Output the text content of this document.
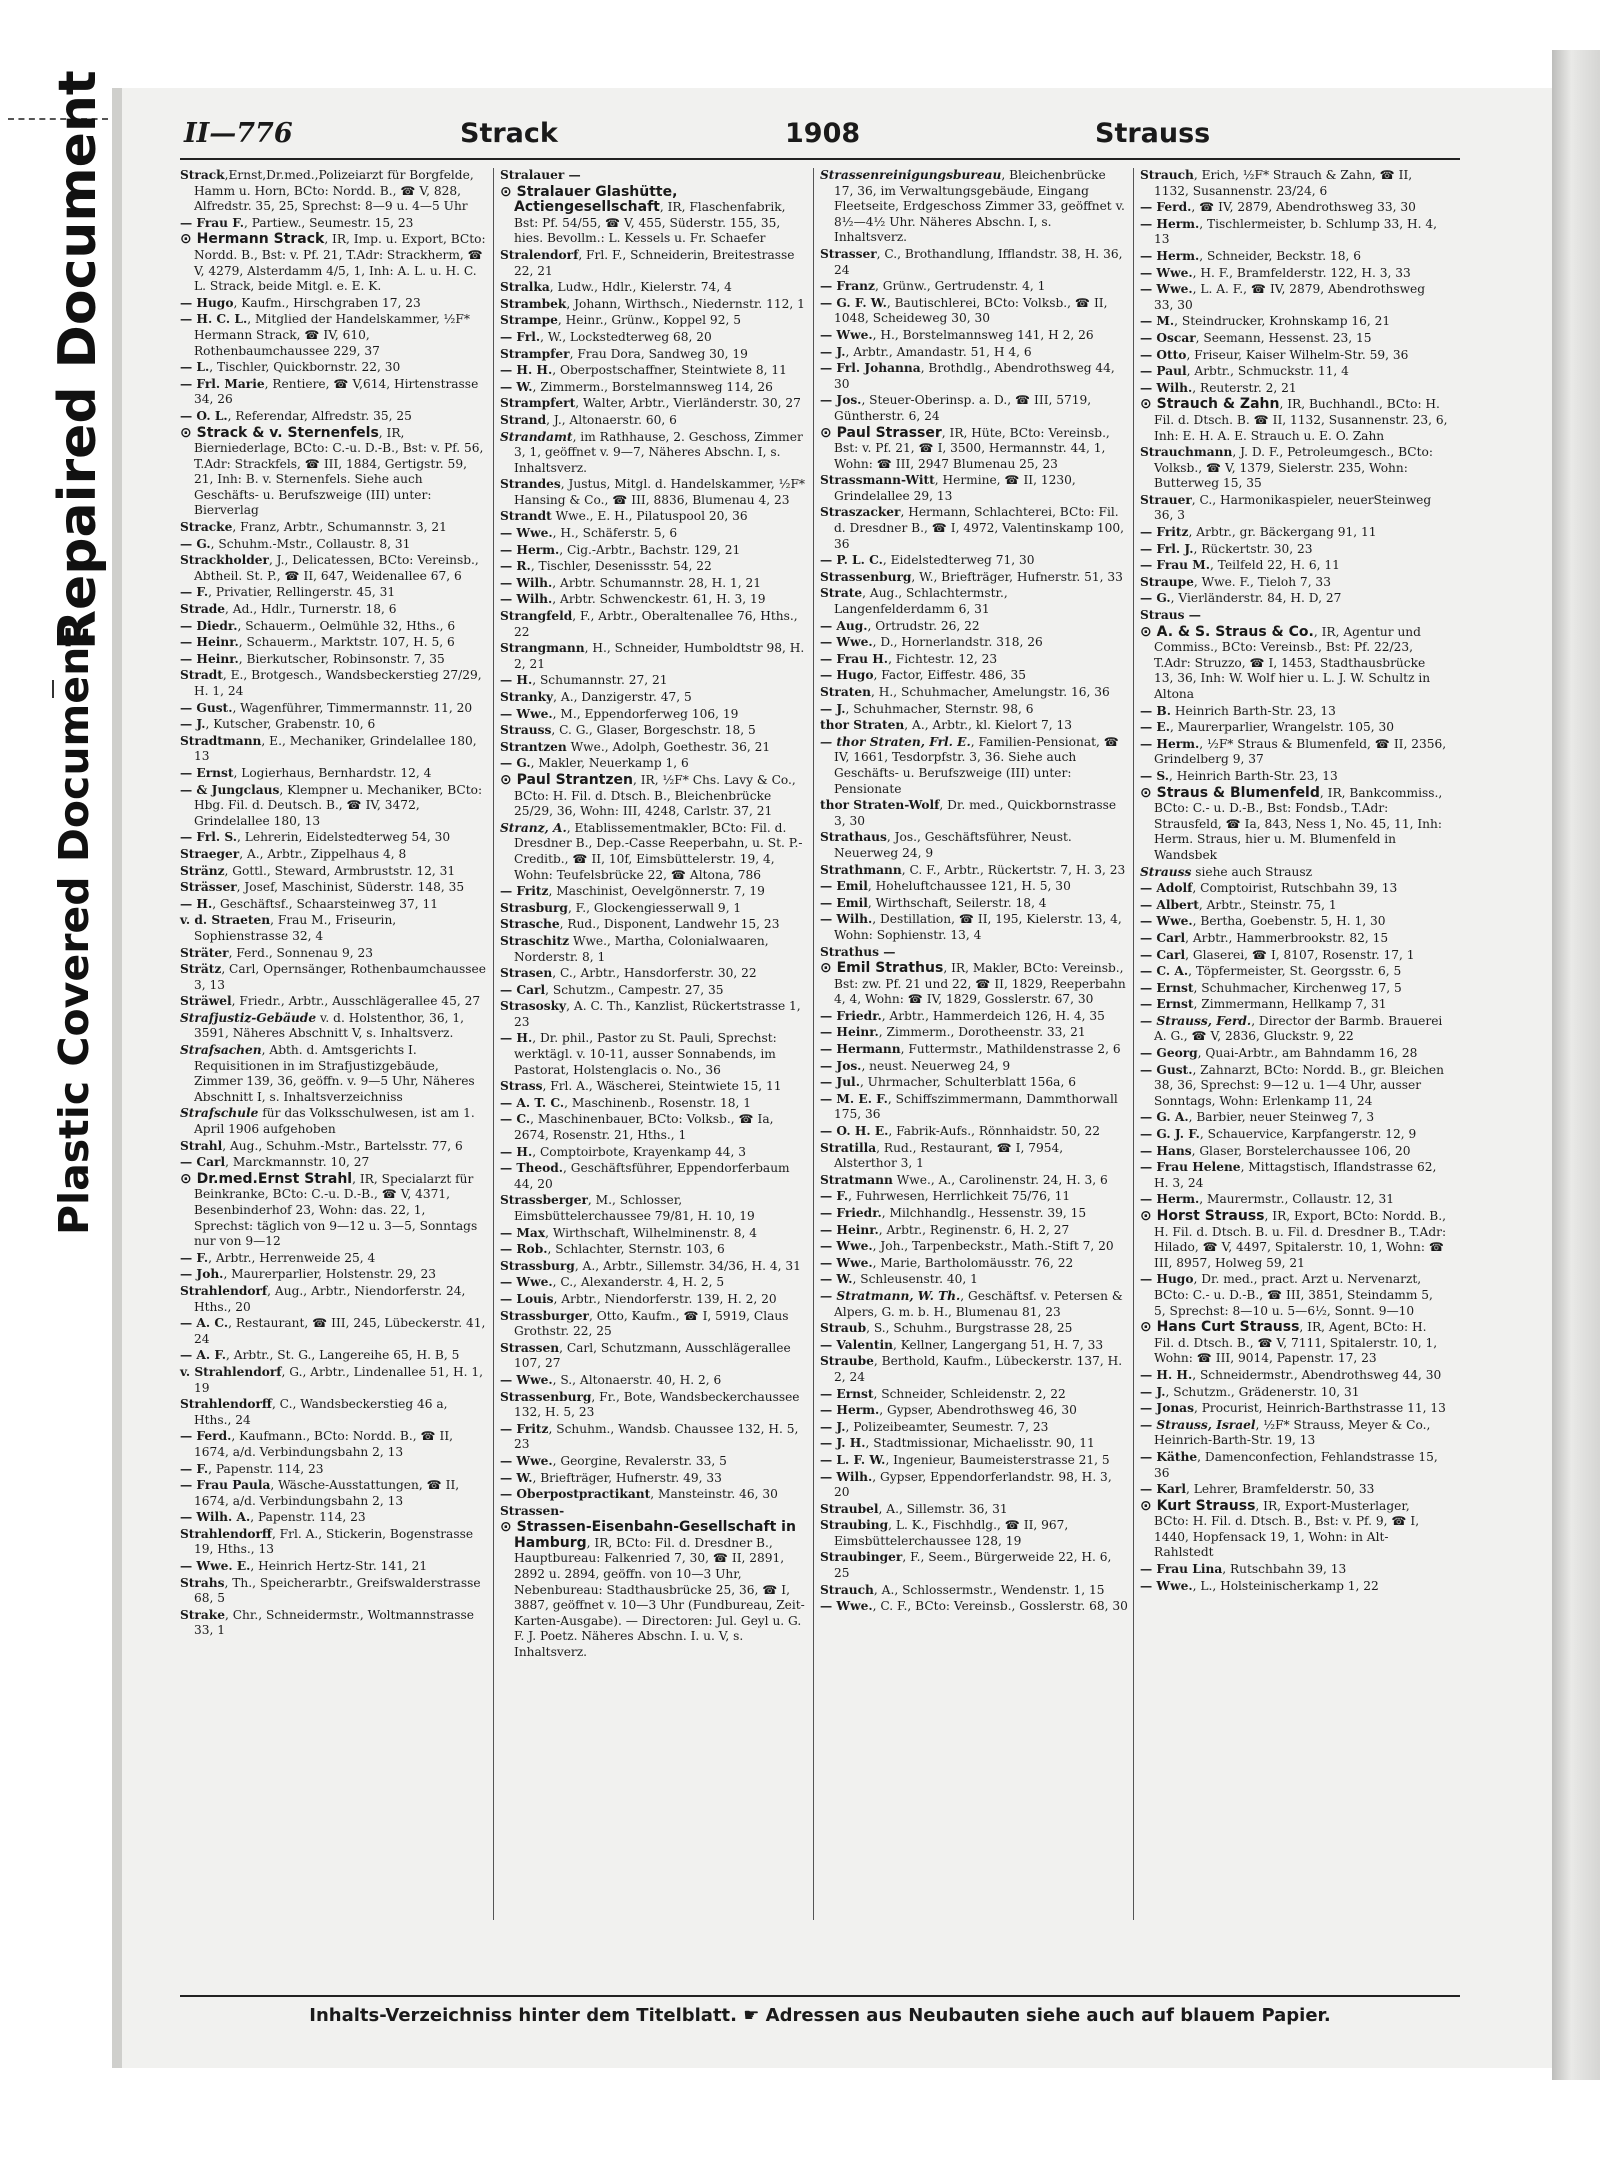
Plastic Covered Document
Repaired Document	II—776	Strack	1908	Strauss
Strack,Ernst,Dr.med.,Polizeiarzt für Borgfelde, Hamm u. Horn, BCto: Nordd. B., ☎ V, 828, Alfredstr. 35, 25, Sprechst: 8—9 u. 4—5 Uhr
— Frau F., Partiew., Seumestr. 15, 23
⊙ Hermann Strack, IR, Imp. u. Export, BCto: Nordd. B., Bst: v. Pf. 21, T.Adr: Strackherm, ☎ V, 4279, Alsterdamm 4/5, 1, Inh: A. L. u. H. C. L. Strack, beide Mitgl. e. E. K.
— Hugo, Kaufm., Hirschgraben 17, 23
— H. C. L., Mitglied der Handelskammer, ½F* Hermann Strack, ☎ IV, 610, Rothenbaumchaussee 229, 37
— L., Tischler, Quickbornstr. 22, 30
— Frl. Marie, Rentiere, ☎ V,614, Hirtenstrasse 34, 26
— O. L., Referendar, Alfredstr. 35, 25
⊙ Strack & v. Sternenfels, IR, Bierniederlage, BCto: C.-u. D.-B., Bst: v. Pf. 56, T.Adr: Strackfels, ☎ III, 1884, Gertigstr. 59, 21, Inh: B. v. Sternenfels. Siehe auch Geschäfts- u. Berufszweige (III) unter: Bierverlag
Stracke, Franz, Arbtr., Schumannstr. 3, 21
— G., Schuhm.-Mstr., Collaustr. 8, 31
Strackholder, J., Delicatessen, BCto: Vereinsb., Abtheil. St. P., ☎ II, 647, Weidenallee 67, 6
— F., Privatier, Rellingerstr. 45, 31
Strade, Ad., Hdlr., Turnerstr. 18, 6
— Diedr., Schauerm., Oelmühle 32, Hths., 6
— Heinr., Schauerm., Marktstr. 107, H. 5, 6
— Heinr., Bierkutscher, Robinsonstr. 7, 35
Stradt, E., Brotgesch., Wandsbeckerstieg 27/29, H. 1, 24
— Gust., Wagenführer, Timmermannstr. 11, 20
— J., Kutscher, Grabenstr. 10, 6
Stradtmann, E., Mechaniker, Grindelallee 180, 13
— Ernst, Logierhaus, Bernhardstr. 12, 4
— & Jungclaus, Klempner u. Mechaniker, BCto: Hbg. Fil. d. Deutsch. B., ☎ IV, 3472, Grindelallee 180, 13
— Frl. S., Lehrerin, Eidelstedterweg 54, 30
Straeger, A., Arbtr., Zippelhaus 4, 8
Stränz, Gottl., Steward, Armbruststr. 12, 31
Strässer, Josef, Maschinist, Süderstr. 148, 35
— H., Geschäftsf., Schaarsteinweg 37, 11
v. d. Straeten, Frau M., Friseurin, Sophienstrasse 32, 4
Sträter, Ferd., Sonnenau 9, 23
Strätz, Carl, Opernsänger, Rothenbaumchaussee 3, 13
Sträwel, Friedr., Arbtr., Ausschlägerallee 45, 27
Strafjustiz-Gebäude v. d. Holstenthor, 36, 1, 3591, Näheres Abschnitt V, s. Inhaltsverz.
Strafsachen, Abth. d. Amtsgerichts I. Requisitionen in im Strafjustizgebäude, Zimmer 139, 36, geöffn. v. 9—5 Uhr, Näheres Abschnitt I, s. Inhaltsverzeichniss
Strafschule für das Volksschulwesen, ist am 1. April 1906 aufgehoben
Strahl, Aug., Schuhm.-Mstr., Bartelsstr. 77, 6
— Carl, Marckmannstr. 10, 27
⊙ Dr.med.Ernst Strahl, IR, Specialarzt für Beinkranke, BCto: C.-u. D.-B., ☎ V, 4371, Besenbinderhof 23, Wohn: das. 22, 1, Sprechst: täglich von 9—12 u. 3—5, Sonntags nur von 9—12
— F., Arbtr., Herrenweide 25, 4
— Joh., Maurerparlier, Holstenstr. 29, 23
Strahlendorf, Aug., Arbtr., Niendorferstr. 24, Hths., 20
— A. C., Restaurant, ☎ III, 245, Lübeckerstr. 41, 24
— A. F., Arbtr., St. G., Langereihe 65, H. B, 5
v. Strahlendorf, G., Arbtr., Lindenallee 51, H. 1, 19
Strahlendorff, C., Wandsbeckerstieg 46 a, Hths., 24
— Ferd., Kaufmann., BCto: Nordd. B., ☎ II, 1674, a/d. Verbindungsbahn 2, 13
— F., Papenstr. 114, 23
— Frau Paula, Wäsche-Ausstattungen, ☎ II, 1674, a/d. Verbindungsbahn 2, 13
— Wilh. A., Papenstr. 114, 23
Strahlendorff, Frl. A., Stickerin, Bogenstrasse 19, Hths., 13
— Wwe. E., Heinrich Hertz-Str. 141, 21
Strahs, Th., Speicherarbtr., Greifswalderstrasse 68, 5
Strake, Chr., Schneidermstr., Woltmannstrasse 33, 1
Stralauer —
⊙ Stralauer Glashütte, Actiengesellschaft, IR, Flaschenfabrik, Bst: Pf. 54/55, ☎ V, 455, Süderstr. 155, 35, hies. Bevollm.: L. Kessels u. Fr. Schaefer
Stralendorf, Frl. F., Schneiderin, Breitestrasse 22, 21
Stralka, Ludw., Hdlr., Kielerstr. 74, 4
Strambek, Johann, Wirthsch., Niedernstr. 112, 1
Strampe, Heinr., Grünw., Koppel 92, 5
— Frl., W., Lockstedterweg 68, 20
Strampfer, Frau Dora, Sandweg 30, 19
— H. H., Oberpostschaffner, Steintwiete 8, 11
— W., Zimmerm., Borstelmannsweg 114, 26
Strampfert, Walter, Arbtr., Vierländerstr. 30, 27
Strand, J., Altonaerstr. 60, 6
Strandamt, im Rathhause, 2. Geschoss, Zimmer 3, 1, geöffnet v. 9—7, Näheres Abschn. I, s. Inhaltsverz.
Strandes, Justus, Mitgl. d. Handelskammer, ½F* Hansing & Co., ☎ III, 8836, Blumenau 4, 23
Strandt Wwe., E. H., Pilatuspool 20, 36
— Wwe., H., Schäferstr. 5, 6
— Herm., Cig.-Arbtr., Bachstr. 129, 21
— R., Tischler, Desenissstr. 54, 22
— Wilh., Arbtr. Schumannstr. 28, H. 1, 21
— Wilh., Arbtr. Schwenckestr. 61, H. 3, 19
Strangfeld, F., Arbtr., Oberaltenallee 76, Hths., 22
Strangmann, H., Schneider, Humboldtstr 98, H. 2, 21
— H., Schumannstr. 27, 21
Stranky, A., Danzigerstr. 47, 5
— Wwe., M., Eppendorferweg 106, 19
Strauss, C. G., Glaser, Borgeschstr. 18, 5
Strantzen Wwe., Adolph, Goethestr. 36, 21
— G., Makler, Neuerkamp 1, 6
⊙ Paul Strantzen, IR, ½F* Chs. Lavy & Co., BCto: H. Fil. d. Dtsch. B., Bleichenbrücke 25/29, 36, Wohn: III, 4248, Carlstr. 37, 21
Stranz, A., Etablissementmakler, BCto: Fil. d. Dresdner B., Dep.-Casse Reeperbahn, u. St. P.-Creditb., ☎ II, 10f, Eimsbüttelerstr. 19, 4, Wohn: Teufelsbrücke 22, ☎ Altona, 786
— Fritz, Maschinist, Oevelgönnerstr. 7, 19
Strasburg, F., Glockengiesserwall 9, 1
Strasche, Rud., Disponent, Landwehr 15, 23
Straschitz Wwe., Martha, Colonialwaaren, Norderstr. 8, 1
Strasen, C., Arbtr., Hansdorferstr. 30, 22
— Carl, Schutzm., Campestr. 27, 35
Strasosky, A. C. Th., Kanzlist, Rückertstrasse 1, 23
— H., Dr. phil., Pastor zu St. Pauli, Sprechst: werktägl. v. 10-11, ausser Sonnabends, im Pastorat, Holstenglacis o. No., 36
Strass, Frl. A., Wäscherei, Steintwiete 15, 11
— A. T. C., Maschinenb., Rosenstr. 18, 1
— C., Maschinenbauer, BCto: Volksb., ☎ Ia, 2674, Rosenstr. 21, Hths., 1
— H., Comptoirbote, Krayenkamp 44, 3
— Theod., Geschäftsführer, Eppendorferbaum 44, 20
Strassberger, M., Schlosser, Eimsbüttelerchaussee 79/81, H. 10, 19
— Max, Wirthschaft, Wilhelminenstr. 8, 4
— Rob., Schlachter, Sternstr. 103, 6
Strassburg, A., Arbtr., Sillemstr. 34/36, H. 4, 31
— Wwe., C., Alexanderstr. 4, H. 2, 5
— Louis, Arbtr., Niendorferstr. 139, H. 2, 20
Strassburger, Otto, Kaufm., ☎ I, 5919, Claus Grothstr. 22, 25
Strassen, Carl, Schutzmann, Ausschlägerallee 107, 27
— Wwe., S., Altonaerstr. 40, H. 2, 6
Strassenburg, Fr., Bote, Wandsbeckerchaussee 132, H. 5, 23
— Fritz, Schuhm., Wandsb. Chaussee 132, H. 5, 23
— Wwe., Georgine, Revalerstr. 33, 5
— W., Briefträger, Hufnerstr. 49, 33
— Oberpostpractikant, Mansteinstr. 46, 30
Strassen-
⊙ Strassen-Eisenbahn-Gesellschaft in Hamburg, IR, BCto: Fil. d. Dresdner B., Hauptbureau: Falkenried 7, 30, ☎ II, 2891, 2892 u. 2894, geöffn. von 10—3 Uhr, Nebenbureau: Stadthausbrücke 25, 36, ☎ I, 3887, geöffnet v. 10—3 Uhr (Fundbureau, Zeit-Karten-Ausgabe). — Directoren: Jul. Geyl u. G. F. J. Poetz. Näheres Abschn. I. u. V, s. Inhaltsverz.
Strassenreinigungsbureau, Bleichenbrücke 17, 36, im Verwaltungsgebäude, Eingang Fleetseite, Erdgeschoss Zimmer 33, geöffnet v. 8½—4½ Uhr. Näheres Abschn. I, s. Inhaltsverz.
Strasser, C., Brothandlung, Ifflandstr. 38, H. 36, 24
— Franz, Grünw., Gertrudenstr. 4, 1
— G. F. W., Bautischlerei, BCto: Volksb., ☎ II, 1048, Scheideweg 30, 30
— Wwe., H., Borstelmannsweg 141, H 2, 26
— J., Arbtr., Amandastr. 51, H 4, 6
— Frl. Johanna, Brothdlg., Abendrothsweg 44, 30
— Jos., Steuer-Oberinsp. a. D., ☎ III, 5719, Güntherstr. 6, 24
⊙ Paul Strasser, IR, Hüte, BCto: Vereinsb., Bst: v. Pf. 21, ☎ I, 3500, Hermannstr. 44, 1, Wohn: ☎ III, 2947 Blumenau 25, 23
Strassmann-Witt, Hermine, ☎ II, 1230, Grindelallee 29, 13
Straszacker, Hermann, Schlachterei, BCto: Fil. d. Dresdner B., ☎ I, 4972, Valentinskamp 100, 36
— P. L. C., Eidelstedterweg 71, 30
Strassenburg, W., Briefträger, Hufnerstr. 51, 33
Strate, Aug., Schlachtermstr., Langenfelderdamm 6, 31
— Aug., Ortrudstr. 26, 22
— Wwe., D., Hornerlandstr. 318, 26
— Frau H., Fichtestr. 12, 23
— Hugo, Factor, Eiffestr. 486, 35
Straten, H., Schuhmacher, Amelungstr. 16, 36
— J., Schuhmacher, Sternstr. 98, 6
thor Straten, A., Arbtr., kl. Kielort 7, 13
— thor Straten, Frl. E., Familien-Pensionat, ☎ IV, 1661, Tesdorpfstr. 3, 36. Siehe auch Geschäfts- u. Berufszweige (III) unter: Pensionate
thor Straten-Wolf, Dr. med., Quickbornstrasse 3, 30
Strathaus, Jos., Geschäftsführer, Neust. Neuerweg 24, 9
Strathmann, C. F., Arbtr., Rückertstr. 7, H. 3, 23
— Emil, Hoheluftchaussee 121, H. 5, 30
— Emil, Wirthschaft, Seilerstr. 18, 4
— Wilh., Destillation, ☎ II, 195, Kielerstr. 13, 4, Wohn: Sophienstr. 13, 4
Strathus —
⊙ Emil Strathus, IR, Makler, BCto: Vereinsb., Bst: zw. Pf. 21 und 22, ☎ II, 1829, Reeperbahn 4, 4, Wohn: ☎ IV, 1829, Gosslerstr. 67, 30
— Friedr., Arbtr., Hammerdeich 126, H. 4, 35
— Heinr., Zimmerm., Dorotheenstr. 33, 21
— Hermann, Futtermstr., Mathildenstrasse 2, 6
— Jos., neust. Neuerweg 24, 9
— Jul., Uhrmacher, Schulterblatt 156a, 6
— M. E. F., Schiffszimmermann, Dammthorwall 175, 36
— O. H. E., Fabrik-Aufs., Rönnhaidstr. 50, 22
Stratilla, Rud., Restaurant, ☎ I, 7954, Alsterthor 3, 1
Stratmann Wwe., A., Carolinenstr. 24, H. 3, 6
— F., Fuhrwesen, Herrlichkeit 75/76, 11
— Friedr., Milchhandlg., Hessenstr. 39, 15
— Heinr., Arbtr., Reginenstr. 6, H. 2, 27
— Wwe., Joh., Tarpenbeckstr., Math.-Stift 7, 20
— Wwe., Marie, Bartholomäusstr. 76, 22
— W., Schleusenstr. 40, 1
— Stratmann, W. Th., Geschäftsf. v. Petersen & Alpers, G. m. b. H., Blumenau 81, 23
Straub, S., Schuhm., Burgstrasse 28, 25
— Valentin, Kellner, Langergang 51, H. 7, 33
Straube, Berthold, Kaufm., Lübeckerstr. 137, H. 2, 24
— Ernst, Schneider, Schleidenstr. 2, 22
— Herm., Gypser, Abendrothsweg 46, 30
— J., Polizeibeamter, Seumestr. 7, 23
— J. H., Stadtmissionar, Michaelisstr. 90, 11
— L. F. W., Ingenieur, Baumeisterstrasse 21, 5
— Wilh., Gypser, Eppendorferlandstr. 98, H. 3, 20
Straubel, A., Sillemstr. 36, 31
Straubing, L. K., Fischhdlg., ☎ II, 967, Eimsbüttelerchaussee 128, 19
Straubinger, F., Seem., Bürgerweide 22, H. 6, 25
Strauch, A., Schlossermstr., Wendenstr. 1, 15
— Wwe., C. F., BCto: Vereinsb., Gosslerstr. 68, 30
Strauch, Erich, ½F* Strauch & Zahn, ☎ II, 1132, Susannenstr. 23/24, 6
— Ferd., ☎ IV, 2879, Abendrothsweg 33, 30
— Herm., Tischlermeister, b. Schlump 33, H. 4, 13
— Herm., Schneider, Beckstr. 18, 6
— Wwe., H. F., Bramfelderstr. 122, H. 3, 33
— Wwe., L. A. F., ☎ IV, 2879, Abendrothsweg 33, 30
— M., Steindrucker, Krohnskamp 16, 21
— Oscar, Seemann, Hessenst. 23, 15
— Otto, Friseur, Kaiser Wilhelm-Str. 59, 36
— Paul, Arbtr., Schmuckstr. 11, 4
— Wilh., Reuterstr. 2, 21
⊙ Strauch & Zahn, IR, Buchhandl., BCto: H. Fil. d. Dtsch. B. ☎ II, 1132, Susannenstr. 23, 6, Inh: E. H. A. E. Strauch u. E. O. Zahn
Strauchmann, J. D. F., Petroleumgesch., BCto: Volksb., ☎ V, 1379, Sielerstr. 235, Wohn: Butterweg 15, 35
Strauer, C., Harmonikaspieler, neuerSteinweg 36, 3
— Fritz, Arbtr., gr. Bäckergang 91, 11
— Frl. J., Rückertstr. 30, 23
— Frau M., Teilfeld 22, H. 6, 11
Straupe, Wwe. F., Tieloh 7, 33
— G., Vierländerstr. 84, H. D, 27
Straus —
⊙ A. & S. Straus & Co., IR, Agentur und Commiss., BCto: Vereinsb., Bst: Pf. 22/23, T.Adr: Struzzo, ☎ I, 1453, Stadthausbrücke 13, 36, Inh: W. Wolf hier u. L. J. W. Schultz in Altona
— B. Heinrich Barth-Str. 23, 13
— E., Maurerparlier, Wrangelstr. 105, 30
— Herm., ½F* Straus & Blumenfeld, ☎ II, 2356, Grindelberg 9, 37
— S., Heinrich Barth-Str. 23, 13
⊙ Straus & Blumenfeld, IR, Bankcommiss., BCto: C.- u. D.-B., Bst: Fondsb., T.Adr: Strausfeld, ☎ Ia, 843, Ness 1, No. 45, 11, Inh: Herm. Straus, hier u. M. Blumenfeld in Wandsbek
Strauss siehe auch Strausz
— Adolf, Comptoirist, Rutschbahn 39, 13
— Albert, Arbtr., Steinstr. 75, 1
— Wwe., Bertha, Goebenstr. 5, H. 1, 30
— Carl, Arbtr., Hammerbrookstr. 82, 15
— Carl, Glaserei, ☎ I, 8107, Rosenstr. 17, 1
— C. A., Töpfermeister, St. Georgsstr. 6, 5
— Ernst, Schuhmacher, Kirchenweg 17, 5
— Ernst, Zimmermann, Hellkamp 7, 31
— Strauss, Ferd., Director der Barmb. Brauerei A. G., ☎ V, 2836, Gluckstr. 9, 22
— Georg, Quai-Arbtr., am Bahndamm 16, 28
— Gust., Zahnarzt, BCto: Nordd. B., gr. Bleichen 38, 36, Sprechst: 9—12 u. 1—4 Uhr, ausser Sonntags, Wohn: Erlenkamp 11, 24
— G. A., Barbier, neuer Steinweg 7, 3
— G. J. F., Schauervice, Karpfangerstr. 12, 9
— Hans, Glaser, Borstelerchaussee 106, 20
— Frau Helene, Mittagstisch, Iflandstrasse 62, H. 3, 24
— Herm., Maurermstr., Collaustr. 12, 31
⊙ Horst Strauss, IR, Export, BCto: Nordd. B., H. Fil. d. Dtsch. B. u. Fil. d. Dresdner B., T.Adr: Hilado, ☎ V, 4497, Spitalerstr. 10, 1, Wohn: ☎ III, 8957, Holweg 59, 21
— Hugo, Dr. med., pract. Arzt u. Nervenarzt, BCto: C.- u. D.-B., ☎ III, 3851, Steindamm 5, 5, Sprechst: 8—10 u. 5—6½, Sonnt. 9—10
⊙ Hans Curt Strauss, IR, Agent, BCto: H. Fil. d. Dtsch. B., ☎ V, 7111, Spitalerstr. 10, 1, Wohn: ☎ III, 9014, Papenstr. 17, 23
— H. H., Schneidermstr., Abendrothsweg 44, 30
— J., Schutzm., Grädenerstr. 10, 31
— Jonas, Procurist, Heinrich-Barthstrasse 11, 13
— Strauss, Israel, ½F* Strauss, Meyer & Co., Heinrich-Barth-Str. 19, 13
— Käthe, Damenconfection, Fehlandstrasse 15, 36
— Karl, Lehrer, Bramfelderstr. 50, 33
⊙ Kurt Strauss, IR, Export-Musterlager, BCto: H. Fil. d. Dtsch. B., Bst: v. Pf. 9, ☎ I, 1440, Hopfensack 19, 1, Wohn: in Alt-Rahlstedt
— Frau Lina, Rutschbahn 39, 13
— Wwe., L., Holsteinischerkamp 1, 22
Inhalts-Verzeichniss hinter dem Titelblatt. ☛ Adressen aus Neubauten siehe auch auf blauem Papier.
